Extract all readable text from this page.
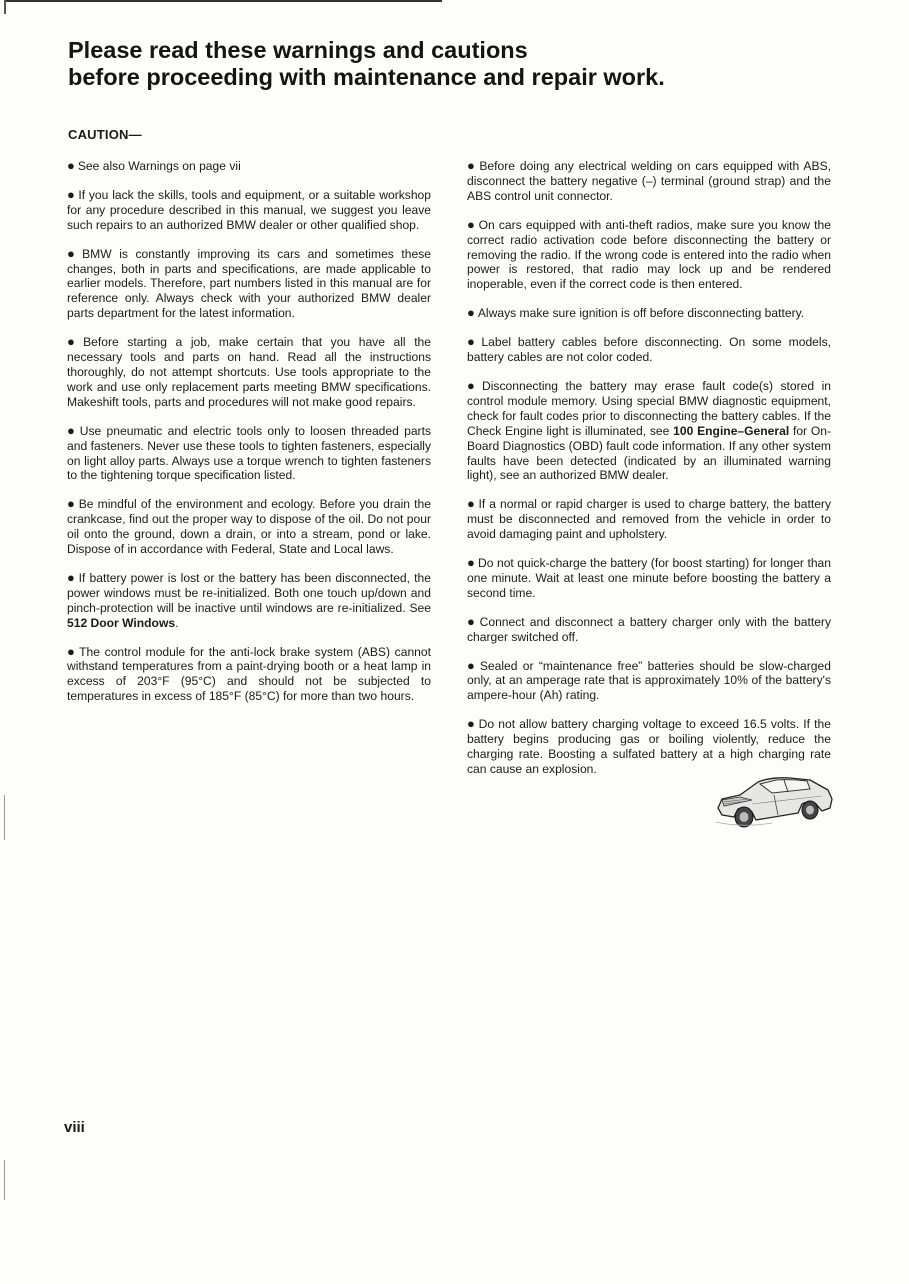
Please read these warnings and cautions
before proceeding with maintenance and repair work.
CAUTION—

● See also Warnings on page vii

● If you lack the skills, tools and equipment, or a suitable workshop for any procedure described in this manual, we suggest you leave such repairs to an authorized BMW dealer or other qualified shop.

● BMW is constantly improving its cars and sometimes these changes, both in parts and specifications, are made applicable to earlier models. Therefore, part numbers listed in this manual are for reference only. Always check with your authorized BMW dealer parts department for the latest information.

● Before starting a job, make certain that you have all the necessary tools and parts on hand. Read all the instructions thoroughly, do not attempt shortcuts. Use tools appropriate to the work and use only replacement parts meeting BMW specifications. Makeshift tools, parts and procedures will not make good repairs.

● Use pneumatic and electric tools only to loosen threaded parts and fasteners. Never use these tools to tighten fasteners, especially on light alloy parts. Always use a torque wrench to tighten fasteners to the tightening torque specification listed.

● Be mindful of the environment and ecology. Before you drain the crankcase, find out the proper way to dispose of the oil. Do not pour oil onto the ground, down a drain, or into a stream, pond or lake. Dispose of in accordance with Federal, State and Local laws.

● If battery power is lost or the battery has been disconnected, the power windows must be re-initialized. Both one touch up/down and pinch-protection will be inactive until windows are re-initialized. See 512 Door Windows.

● The control module for the anti-lock brake system (ABS) cannot withstand temperatures from a paint-drying booth or a heat lamp in excess of 203°F (95°C) and should not be subjected to temperatures in excess of 185°F (85°C) for more than two hours.

● Before doing any electrical welding on cars equipped with ABS, disconnect the battery negative (–) terminal (ground strap) and the ABS control unit connector.

● On cars equipped with anti-theft radios, make sure you know the correct radio activation code before disconnecting the battery or removing the radio. If the wrong code is entered into the radio when power is restored, that radio may lock up and be rendered inoperable, even if the correct code is then entered.

● Always make sure ignition is off before disconnecting battery.

● Label battery cables before disconnecting. On some models, battery cables are not color coded.

● Disconnecting the battery may erase fault code(s) stored in control module memory. Using special BMW diagnostic equipment, check for fault codes prior to disconnecting the battery cables. If the Check Engine light is illuminated, see 100 Engine–General for On-Board Diagnostics (OBD) fault code information. If any other system faults have been detected (indicated by an illuminated warning light), see an authorized BMW dealer.

● If a normal or rapid charger is used to charge battery, the battery must be disconnected and removed from the vehicle in order to avoid damaging paint and upholstery.

● Do not quick-charge the battery (for boost starting) for longer than one minute. Wait at least one minute before boosting the battery a second time.

● Connect and disconnect a battery charger only with the battery charger switched off.

● Sealed or “maintenance free” batteries should be slow-charged only, at an amperage rate that is approximately 10% of the battery's ampere-hour (Ah) rating.

● Do not allow battery charging voltage to exceed 16.5 volts. If the battery begins producing gas or boiling violently, reduce the charging rate. Boosting a sulfated battery at a high charging rate can cause an explosion.

viii
